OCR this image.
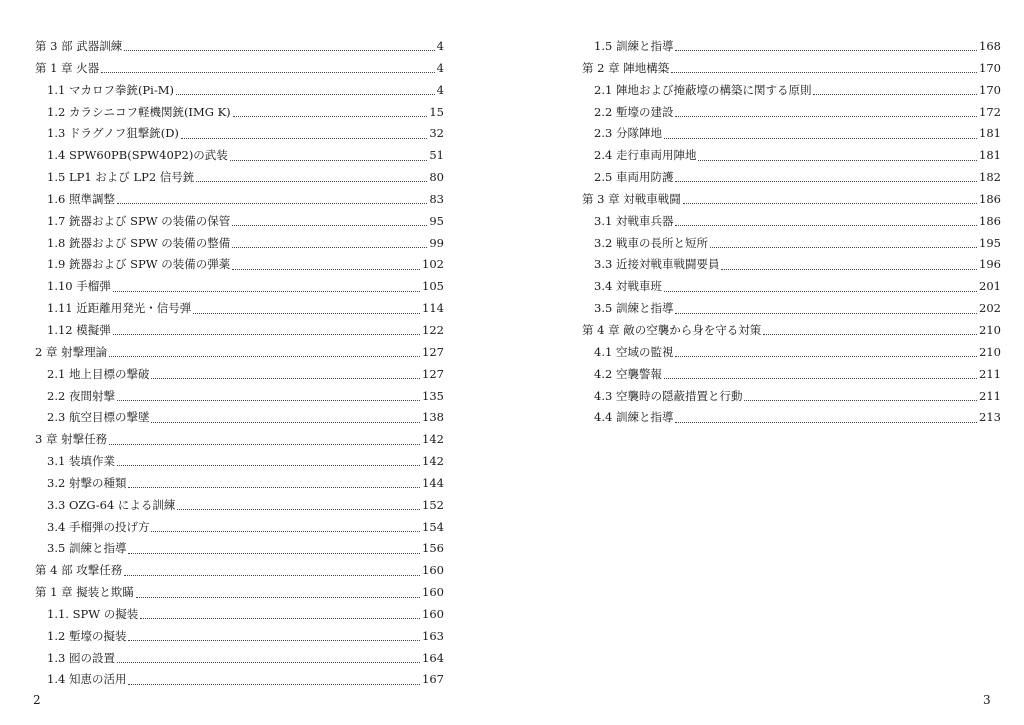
第 3 部 武器訓練	4
第 1 章 火器	4
1.1 マカロフ拳銃(Pi-M)	4
1.2 カラシニコフ軽機関銃(IMG K)	15
1.3 ドラグノフ狙撃銃(D)	32
1.4 SPW60PB(SPW40P2)の武装	51
1.5 LP1 および LP2 信号銃	80
1.6 照準調整	83
1.7 銃器および SPW の装備の保管	95
1.8 銃器および SPW の装備の整備	99
1.9 銃器および SPW の装備の弾薬	102
1.10 手榴弾	105
1.11 近距離用発光・信号弾	114
1.12 模擬弾	122
2 章 射撃理論	127
2.1 地上目標の撃破	127
2.2 夜間射撃	135
2.3 航空目標の撃墜	138
3 章 射撃任務	142
3.1 装填作業	142
3.2 射撃の種類	144
3.3 OZG-64 による訓練	152
3.4 手榴弾の投げ方	154
3.5 訓練と指導	156
第 4 部 攻撃任務	160
第 1 章 擬装と欺瞞	160
1.1. SPW の擬装	160
1.2 塹壕の擬装	163
1.3 囮の設置	164
1.4 知恵の活用	167
2
1.5 訓練と指導	168
第 2 章 陣地構築	170
2.1 陣地および掩蔽壕の構築に関する原則	170
2.2 塹壕の建設	172
2.3 分隊陣地	181
2.4 走行車両用陣地	181
2.5 車両用防護	182
第 3 章 対戦車戦闘	186
3.1 対戦車兵器	186
3.2 戦車の長所と短所	195
3.3 近接対戦車戦闘要員	196
3.4 対戦車班	201
3.5 訓練と指導	202
第 4 章 敵の空襲から身を守る対策	210
4.1 空域の監視	210
4.2 空襲警報	211
4.3 空襲時の隠蔽措置と行動	211
4.4 訓練と指導	213
3
